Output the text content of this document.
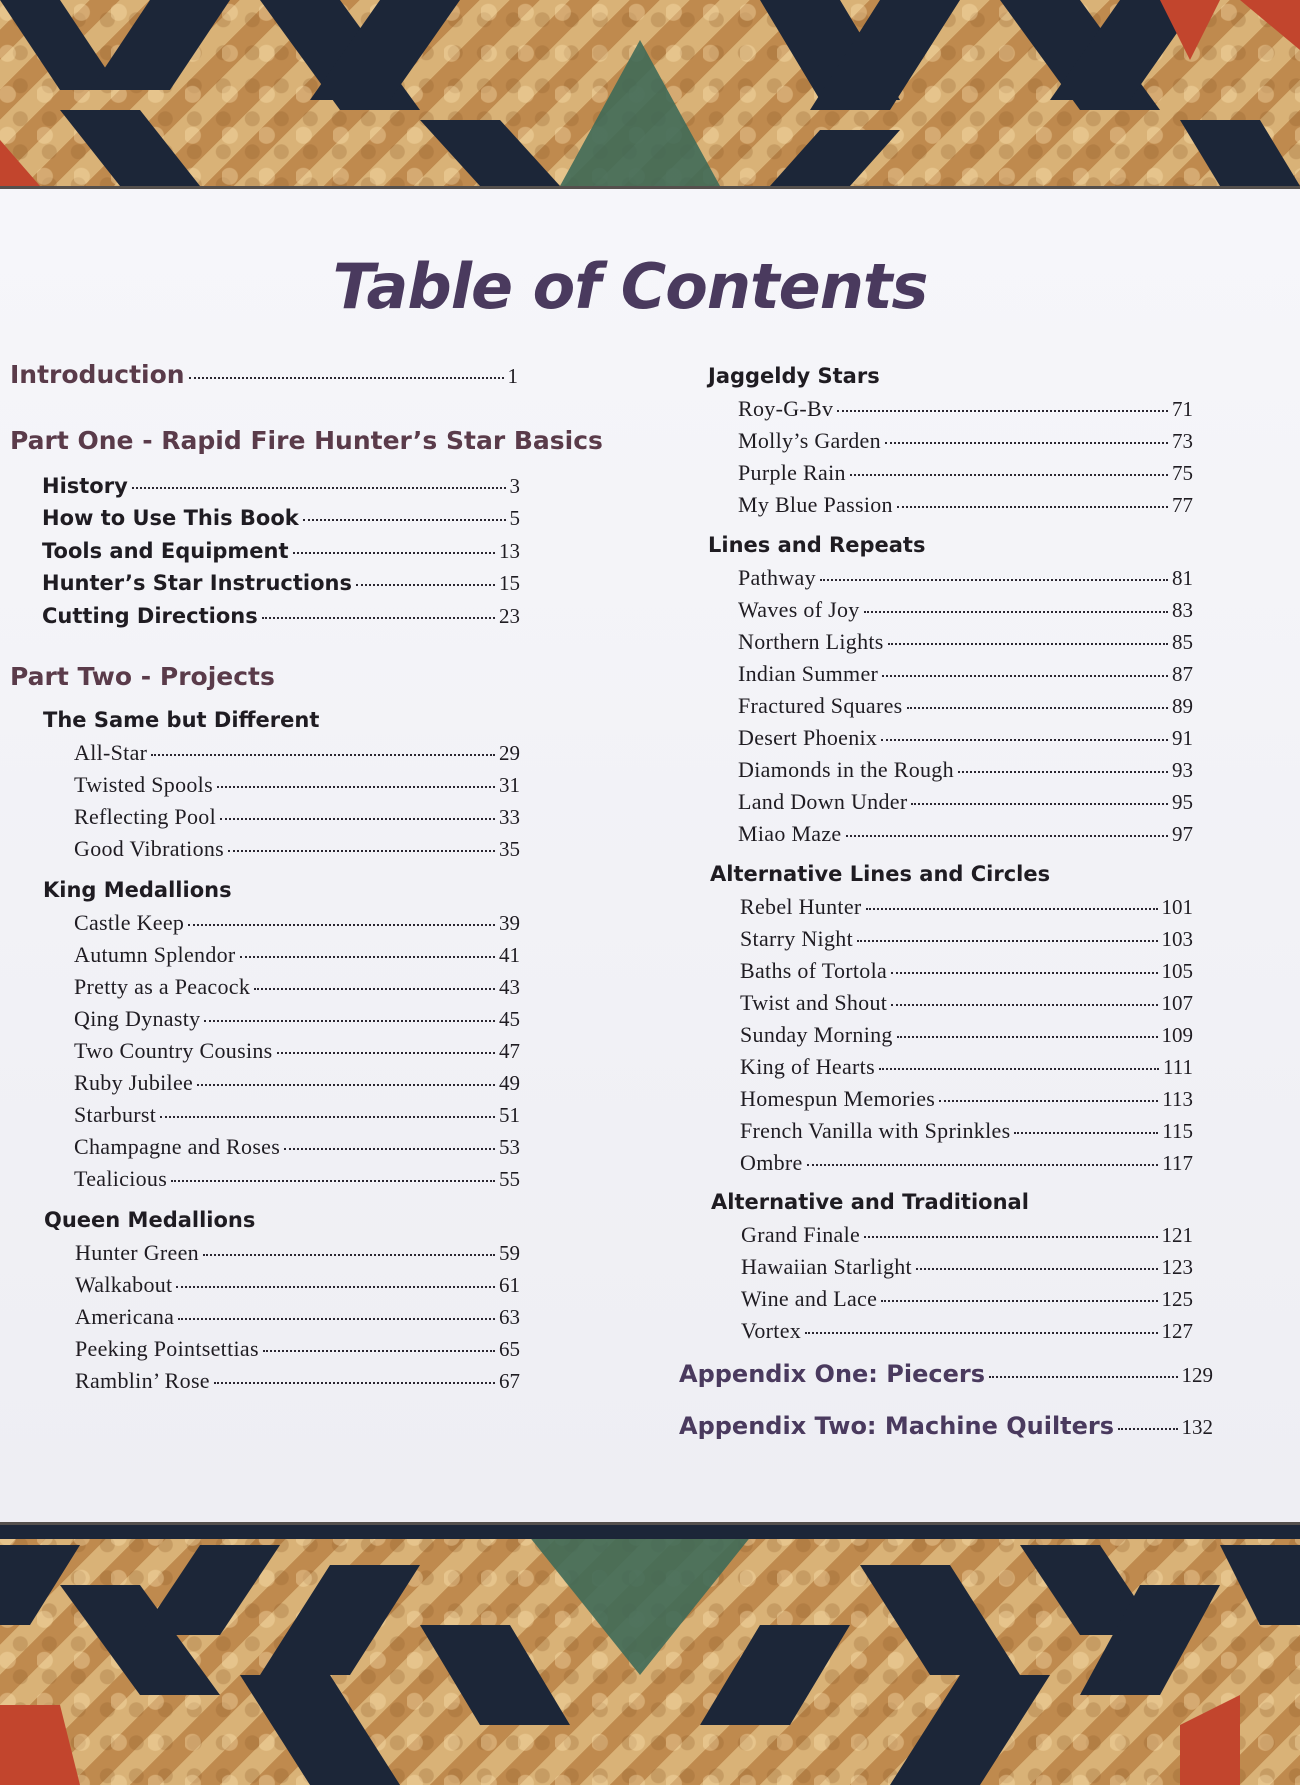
Table of Contents
Introduction	1
Part One - Rapid Fire Hunter’s Star Basics
History	3
How to Use This Book	5
Tools and Equipment	13
Hunter’s Star Instructions	15
Cutting Directions	23
Part Two - Projects
The Same but Different
All-Star	29
Twisted Spools	31
Reflecting Pool	33
Good Vibrations	35
King Medallions
Castle Keep	39
Autumn Splendor	41
Pretty as a Peacock	43
Qing Dynasty	45
Two Country Cousins	47
Ruby Jubilee	49
Starburst	51
Champagne and Roses	53
Tealicious	55
Queen Medallions
Hunter Green	59
Walkabout	61
Americana	63
Peeking Pointsettias	65
Ramblin’ Rose	67
Jaggeldy Stars
Roy-G-Bv	71
Molly’s Garden	73
Purple Rain	75
My Blue Passion	77
Lines and Repeats
Pathway	81
Waves of Joy	83
Northern Lights	85
Indian Summer	87
Fractured Squares	89
Desert Phoenix	91
Diamonds in the Rough	93
Land Down Under	95
Miao Maze	97
Alternative Lines and Circles
Rebel Hunter	101
Starry Night	103
Baths of Tortola	105
Twist and Shout	107
Sunday Morning	109
King of Hearts	111
Homespun Memories	113
French Vanilla with Sprinkles	115
Ombre	117
Alternative and Traditional
Grand Finale	121
Hawaiian Starlight	123
Wine and Lace	125
Vortex	127
Appendix One: Piecers	129
Appendix Two: Machine Quilters	132
